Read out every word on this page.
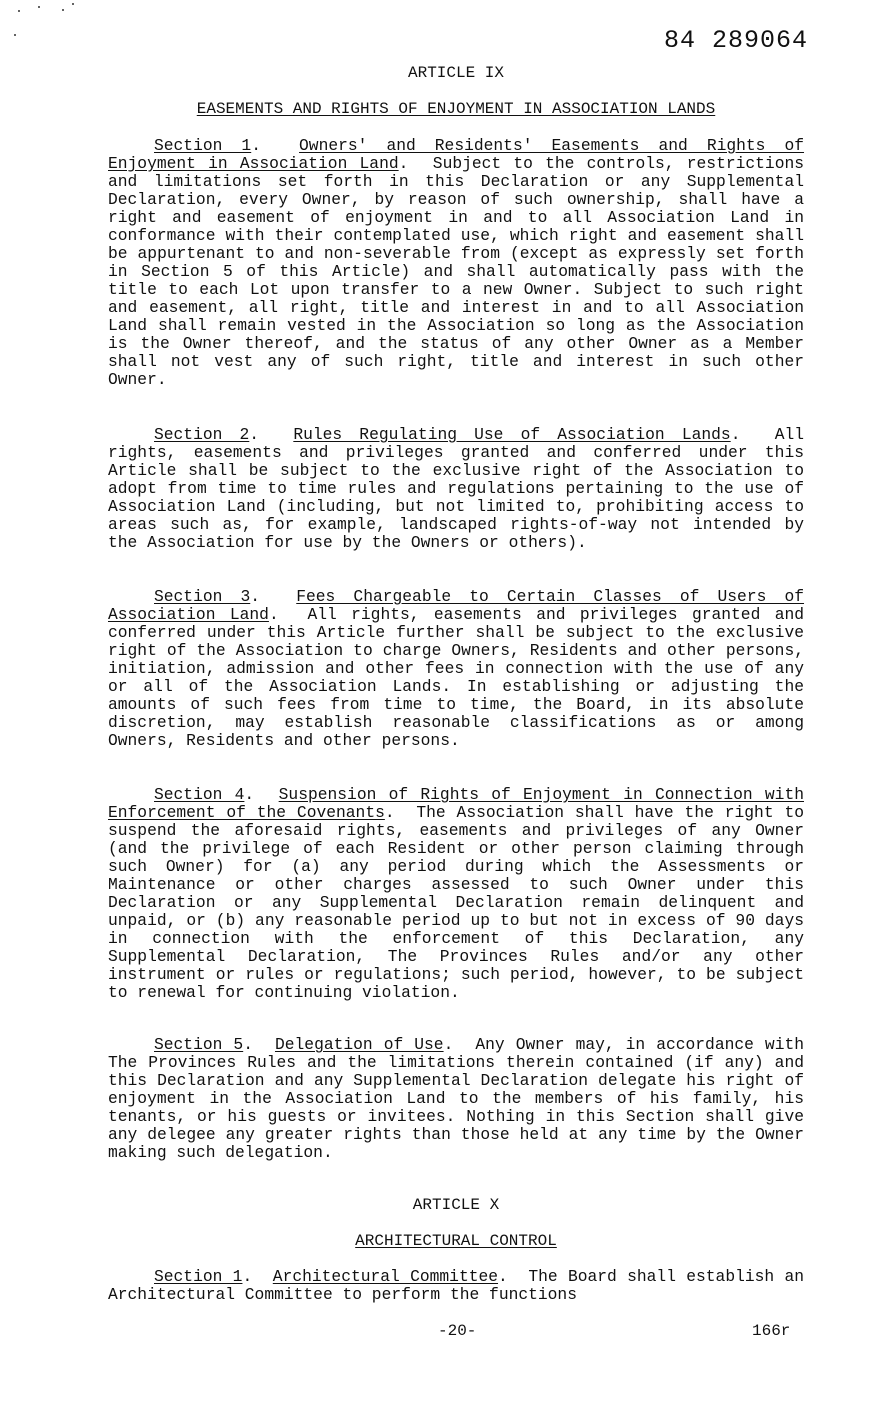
84 289064
ARTICLE IX
EASEMENTS AND RIGHTS OF ENJOYMENT IN ASSOCIATION LANDS
Section 1.  Owners' and Residents' Easements and Rights of Enjoyment in Association Land.  Subject to the controls, restrictions and limitations set forth in this Declaration or any Supplemental Declaration, every Owner, by reason of such ownership, shall have a right and easement of enjoyment in and to all Association Land in conformance with their contemplated use, which right and easement shall be appurtenant to and non-severable from (except as expressly set forth in Section 5 of this Article) and shall automatically pass with the title to each Lot upon transfer to a new Owner. Subject to such right and easement, all right, title and interest in and to all Association Land shall remain vested in the Association so long as the Association is the Owner thereof, and the status of any other Owner as a Member shall not vest any of such right, title and interest in such other Owner.
Section 2.  Rules Regulating Use of Association Lands.  All rights, easements and privileges granted and conferred under this Article shall be subject to the exclusive right of the Association to adopt from time to time rules and regulations pertaining to the use of Association Land (including, but not limited to, prohibiting access to areas such as, for example, landscaped rights-of-way not intended by the Association for use by the Owners or others).
Section 3.  Fees Chargeable to Certain Classes of Users of Association Land.  All rights, easements and privileges granted and conferred under this Article further shall be subject to the exclusive right of the Association to charge Owners, Residents and other persons, initiation, admission and other fees in connection with the use of any or all of the Association Lands. In establishing or adjusting the amounts of such fees from time to time, the Board, in its absolute discretion, may establish reasonable classifications as or among Owners, Residents and other persons.
Section 4.  Suspension of Rights of Enjoyment in Connection with Enforcement of the Covenants.  The Association shall have the right to suspend the aforesaid rights, easements and privileges of any Owner (and the privilege of each Resident or other person claiming through such Owner) for (a) any period during which the Assessments or Maintenance or other charges assessed to such Owner under this Declaration or any Supplemental Declaration remain delinquent and unpaid, or (b) any reasonable period up to but not in excess of 90 days in connection with the enforcement of this Declaration, any Supplemental Declaration, The Provinces Rules and/or any other instrument or rules or regulations; such period, however, to be subject to renewal for continuing violation.
Section 5.  Delegation of Use.  Any Owner may, in accordance with The Provinces Rules and the limitations therein contained (if any) and this Declaration and any Supplemental Declaration delegate his right of enjoyment in the Association Land to the members of his family, his tenants, or his guests or invitees. Nothing in this Section shall give any delegee any greater rights than those held at any time by the Owner making such delegation.
ARTICLE X
ARCHITECTURAL CONTROL
Section 1.  Architectural Committee.  The Board shall establish an Architectural Committee to perform the functions
-20-	166r
